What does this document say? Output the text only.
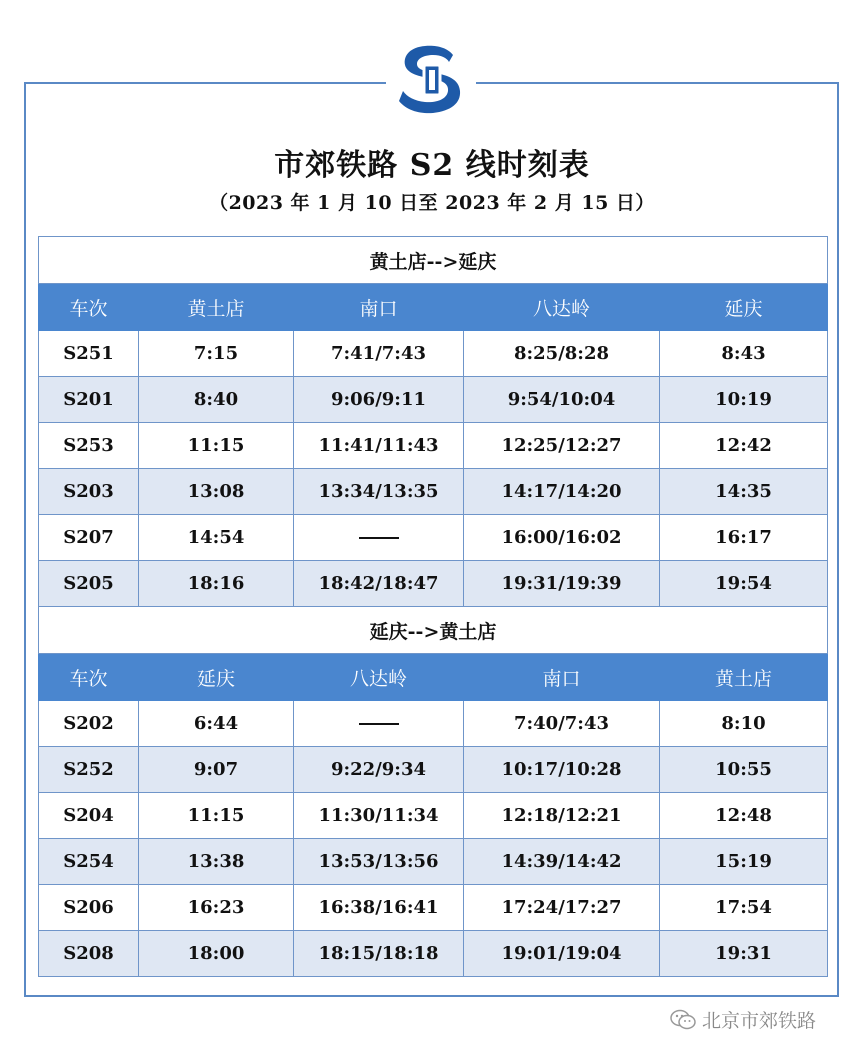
市郊铁路 S2 线时刻表
（2023 年 1 月 10 日至 2023 年 2 月 15 日）
黄土店-->延庆				
车次	黄土店	南口	八达岭	延庆
S251	7:15	7:41/7:43	8:25/8:28	8:43
S201	8:40	9:06/9:11	9:54/10:04	10:19
S253	11:15	11:41/11:43	12:25/12:27	12:42
S203	13:08	13:34/13:35	14:17/14:20	14:35
S207	14:54		16:00/16:02	16:17
S205	18:16	18:42/18:47	19:31/19:39	19:54
延庆-->黄土店				
车次	延庆	八达岭	南口	黄土店
S202	6:44		7:40/7:43	8:10
S252	9:07	9:22/9:34	10:17/10:28	10:55
S204	11:15	11:30/11:34	12:18/12:21	12:48
S254	13:38	13:53/13:56	14:39/14:42	15:19
S206	16:23	16:38/16:41	17:24/17:27	17:54
S208	18:00	18:15/18:18	19:01/19:04	19:31
北京市郊铁路
